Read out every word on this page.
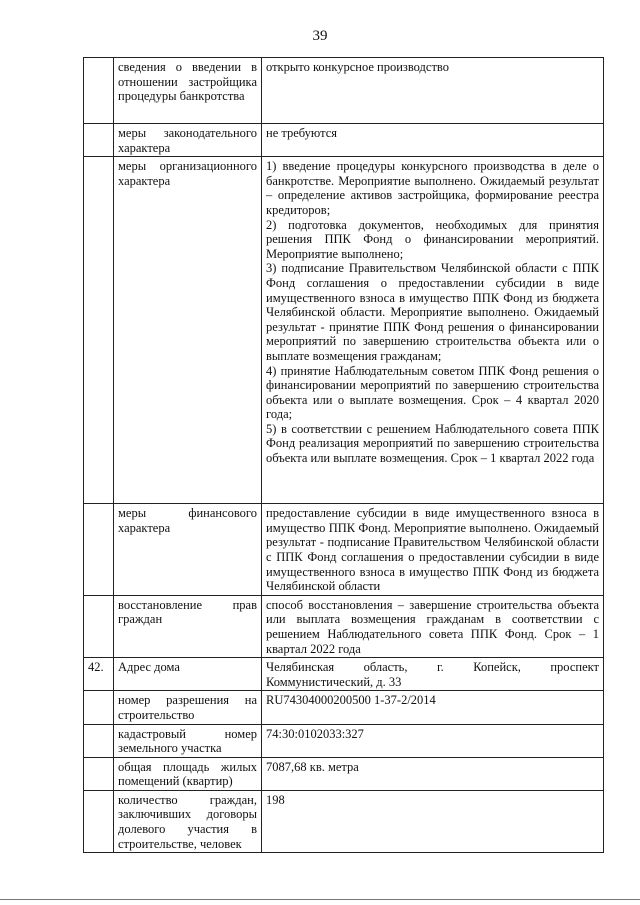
39
	сведения о введении в отношении застройщика процедуры банкротства	открыто конкурсное производство

	меры законодательного характера	не требуются

	меры организационного характера	1) введение процедуры конкурсного производства в деле о банкротстве. Мероприятие выполнено. Ожидаемый результат – определение активов застройщика, формирование реестра кредиторов;
2) подготовка документов, необходимых для принятия решения ППК Фонд о финансировании мероприятий. Мероприятие выполнено;
3) подписание Правительством Челябинской области с ППК Фонд соглашения о предоставлении субсидии в виде имущественного взноса в имущество ППК Фонд из бюджета Челябинской области. Мероприятие выполнено. Ожидаемый результат - принятие ППК Фонд решения о финансировании мероприятий по завершению строительства объекта или о выплате возмещения гражданам;
4) принятие Наблюдательным советом ППК Фонд решения о финансировании мероприятий по завершению строительства объекта или о выплате возмещения. Срок – 4 квартал 2020 года;
5) в соответствии с решением Наблюдательного совета ППК Фонд реализация мероприятий по завершению строительства объекта или выплате возмещения. Срок – 1 квартал 2022 года

	меры финансового характера	предоставление субсидии в виде имущественного взноса в имущество ППК Фонд. Мероприятие выполнено. Ожидаемый результат - подписание Правительством Челябинской области с ППК Фонд соглашения о предоставлении субсидии в виде имущественного взноса в имущество ППК Фонд из бюджета Челябинской области

	восстановление прав граждан	способ восстановления – завершение строительства объекта или выплата возмещения гражданам в соответствии с решением Наблюдательного совета ППК Фонд. Срок – 1 квартал 2022 года

42.	Адрес дома	Челябинская область, г. Копейск, проспект Коммунистический, д. 33

	номер разрешения на строительство	RU74304000200500 1-37-2/2014

	кадастровый номер земельного участка	74:30:0102033:327

	общая площадь жилых помещений (квартир)	7087,68 кв. метра

	количество граждан, заключивших договоры долевого участия в строительстве, человек	198
